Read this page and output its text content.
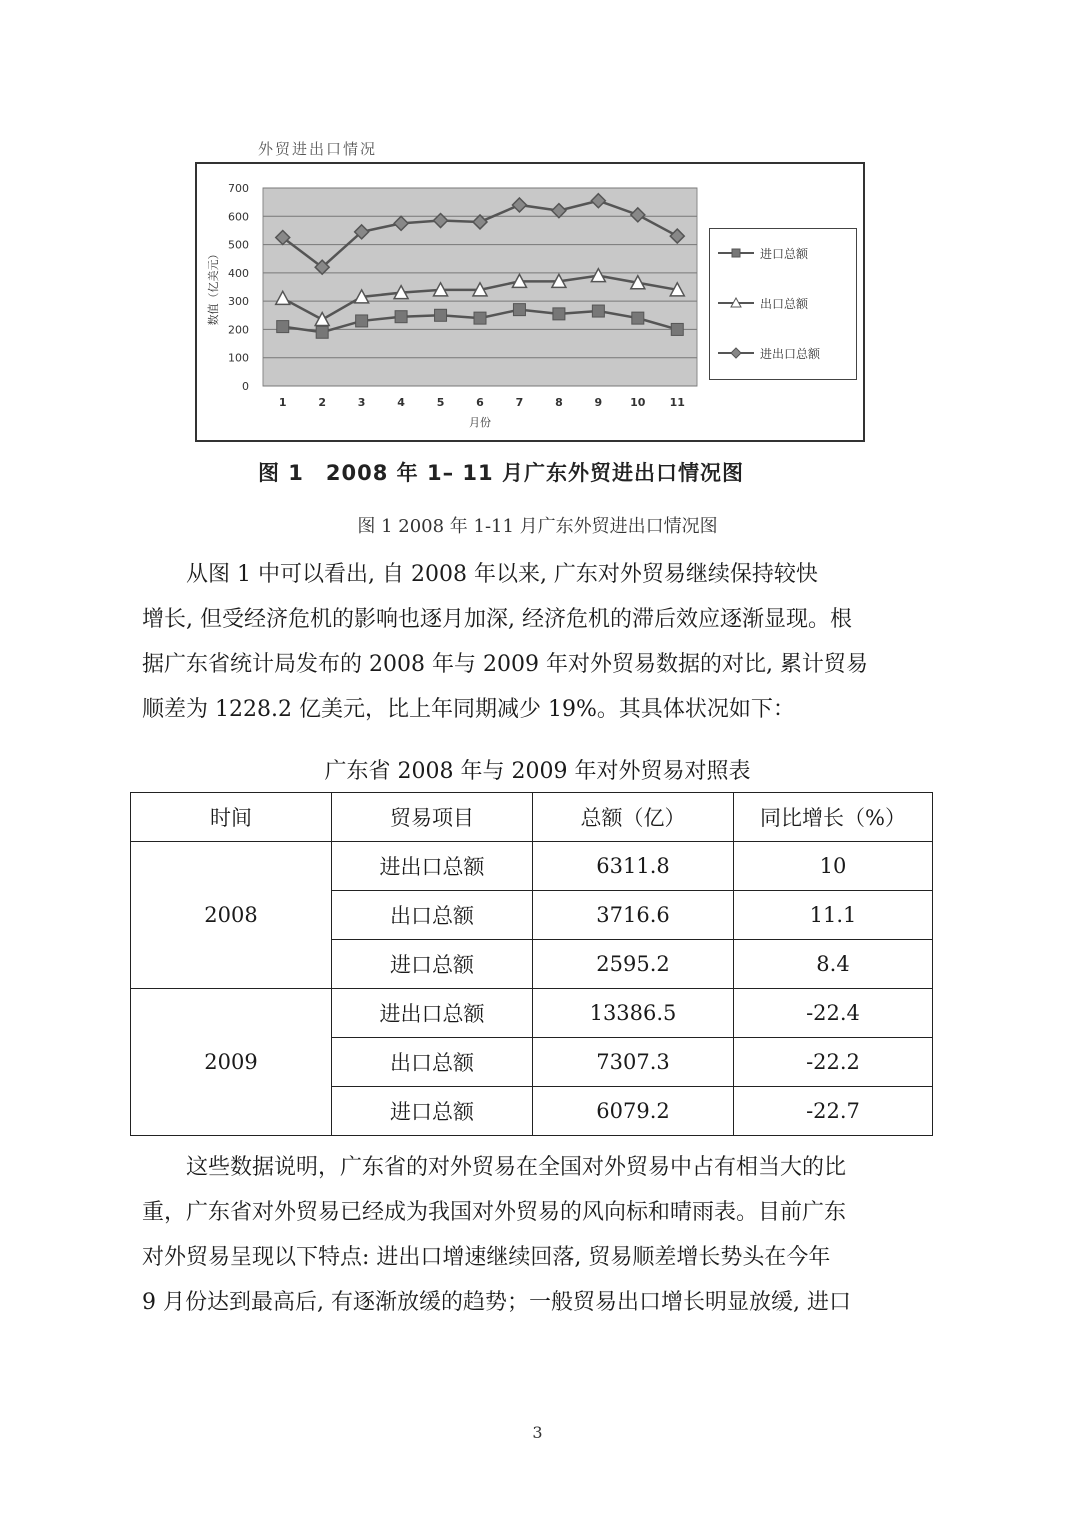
外贸进出口情况
0
100
200
300
400
500
600
700
1	2	3	4	5	6	7	8	9	10 11
月份
数值（亿美元）	进口总额
出口总额
进出口总额
图 1　2008 年 1– 11 月广东外贸进出口情况图
图 1 2008 年 1-11 月广东外贸进出口情况图
　　从图 1 中可以看出, 自 2008 年以来, 广东对外贸易继续保持较快
增长, 但受经济危机的影响也逐月加深, 经济危机的滞后效应逐渐显现。根
据广东省统计局发布的 2008 年与 2009 年对外贸易数据的对比, 累计贸易
顺差为 1228.2 亿美元，比上年同期减少 19%。其具体状况如下：
广东省 2008 年与 2009 年对外贸易对照表
时间	贸易项目	总额（亿）	同比增长（%）
2008	进出口总额	6311.8	10
	出口总额	3716.6	11.1
	进口总额	2595.2	8.4
2009	进出口总额	13386.5	-22.4
	出口总额	7307.3	-22.2
	进口总额	6079.2	-22.7
　　这些数据说明，广东省的对外贸易在全国对外贸易中占有相当大的比
重，广东省对外贸易已经成为我国对外贸易的风向标和晴雨表。目前广东
对外贸易呈现以下特点: 进出口增速继续回落, 贸易顺差增长势头在今年
9 月份达到最高后, 有逐渐放缓的趋势；一般贸易出口增长明显放缓, 进口
3
